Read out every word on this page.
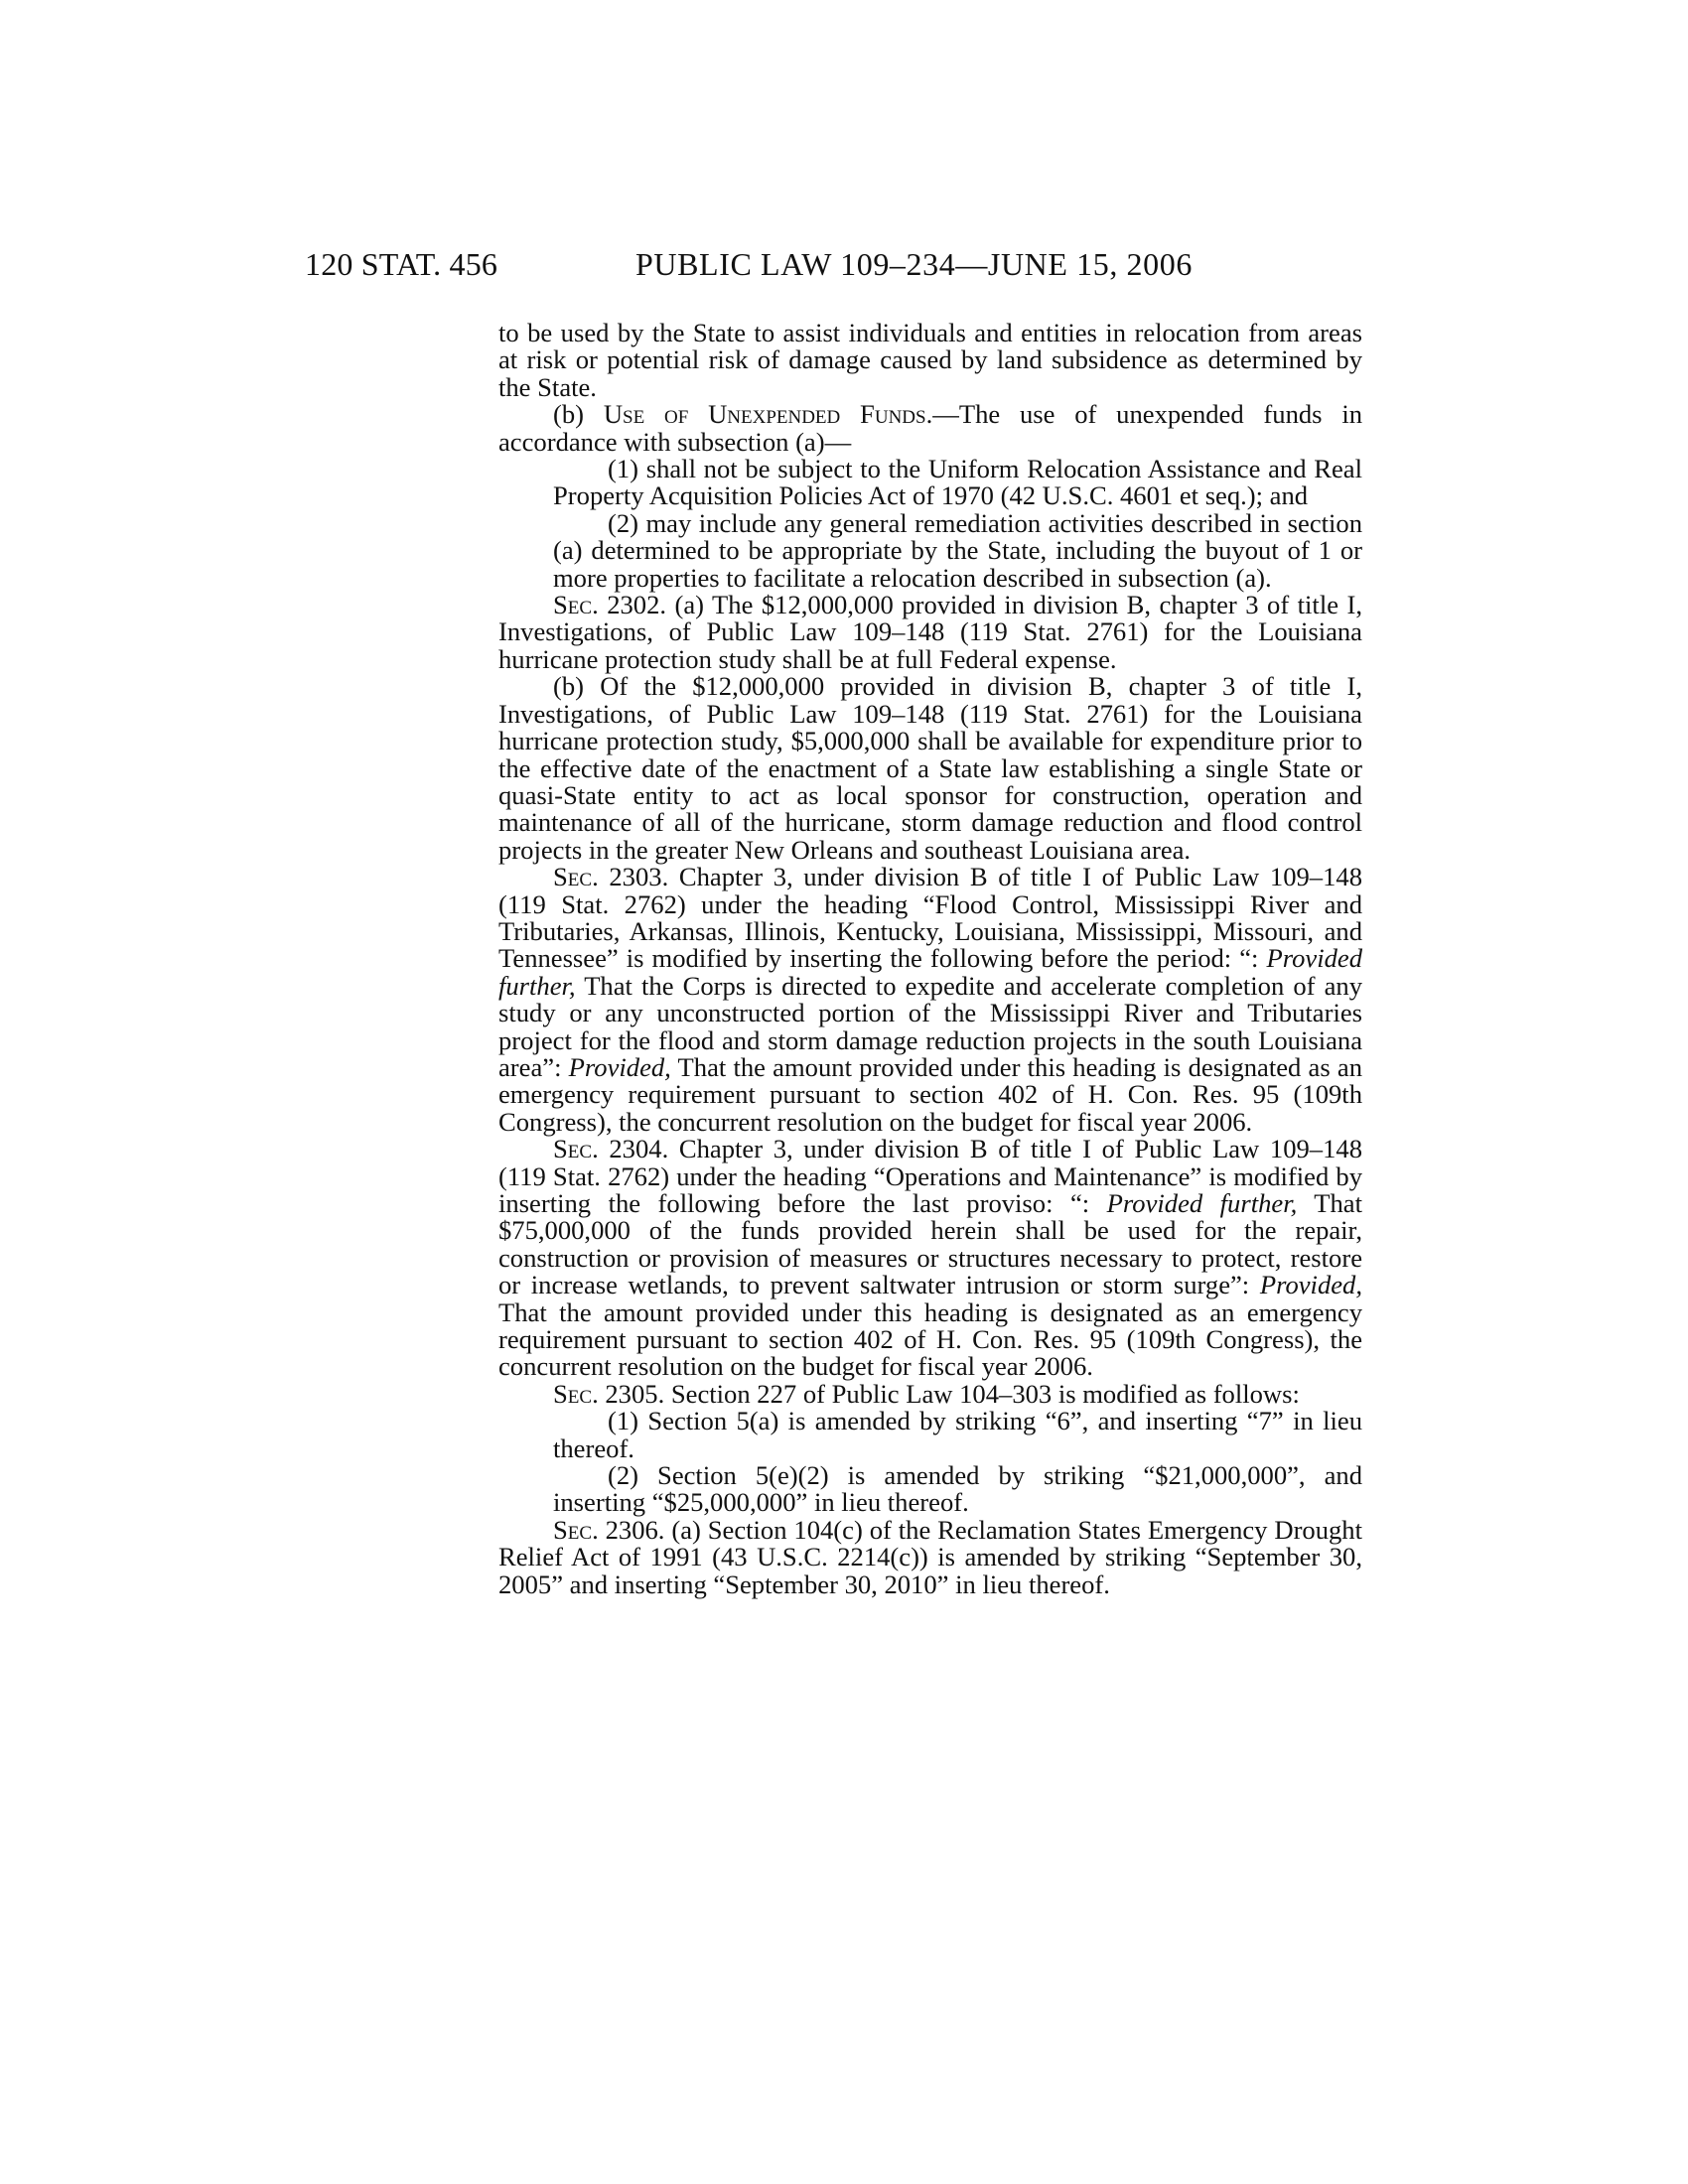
120 STAT. 456	PUBLIC LAW 109–234—JUNE 15, 2006

to be used by the State to assist individuals and entities in relocation from areas at risk or potential risk of damage caused by land subsidence as determined by the State.

(b) Use of Unexpended Funds.—The use of unexpended funds in accordance with subsection (a)—

(1) shall not be subject to the Uniform Relocation Assistance and Real Property Acquisition Policies Act of 1970 (42 U.S.C. 4601 et seq.); and

(2) may include any general remediation activities described in section (a) determined to be appropriate by the State, including the buyout of 1 or more properties to facilitate a relocation described in subsection (a).

Sec. 2302. (a) The $12,000,000 provided in division B, chapter 3 of title I, Investigations, of Public Law 109–148 (119 Stat. 2761) for the Louisiana hurricane protection study shall be at full Federal expense.

(b) Of the $12,000,000 provided in division B, chapter 3 of title I, Investigations, of Public Law 109–148 (119 Stat. 2761) for the Louisiana hurricane protection study, $5,000,000 shall be available for expenditure prior to the effective date of the enactment of a State law establishing a single State or quasi-State entity to act as local sponsor for construction, operation and maintenance of all of the hurricane, storm damage reduction and flood control projects in the greater New Orleans and southeast Louisiana area.

Sec. 2303. Chapter 3, under division B of title I of Public Law 109–148 (119 Stat. 2762) under the heading “Flood Control, Mississippi River and Tributaries, Arkansas, Illinois, Kentucky, Louisiana, Mississippi, Missouri, and Tennessee” is modified by inserting the following before the period: “: Provided further, That the Corps is directed to expedite and accelerate completion of any study or any unconstructed portion of the Mississippi River and Tributaries project for the flood and storm damage reduction projects in the south Louisiana area”: Provided, That the amount provided under this heading is designated as an emergency requirement pursuant to section 402 of H. Con. Res. 95 (109th Congress), the concurrent resolution on the budget for fiscal year 2006.

Sec. 2304. Chapter 3, under division B of title I of Public Law 109–148 (119 Stat. 2762) under the heading “Operations and Maintenance” is modified by inserting the following before the last proviso: “: Provided further, That $75,000,000 of the funds provided herein shall be used for the repair, construction or provision of measures or structures necessary to protect, restore or increase wetlands, to prevent saltwater intrusion or storm surge”: Provided, That the amount provided under this heading is designated as an emergency requirement pursuant to section 402 of H. Con. Res. 95 (109th Congress), the concurrent resolution on the budget for fiscal year 2006.

Sec. 2305. Section 227 of Public Law 104–303 is modified as follows:

(1) Section 5(a) is amended by striking “6”, and inserting “7” in lieu thereof.

(2) Section 5(e)(2) is amended by striking “$21,000,000”, and inserting “$25,000,000” in lieu thereof.

Sec. 2306. (a) Section 104(c) of the Reclamation States Emergency Drought Relief Act of 1991 (43 U.S.C. 2214(c)) is amended by striking “September 30, 2005” and inserting “September 30, 2010” in lieu thereof.
